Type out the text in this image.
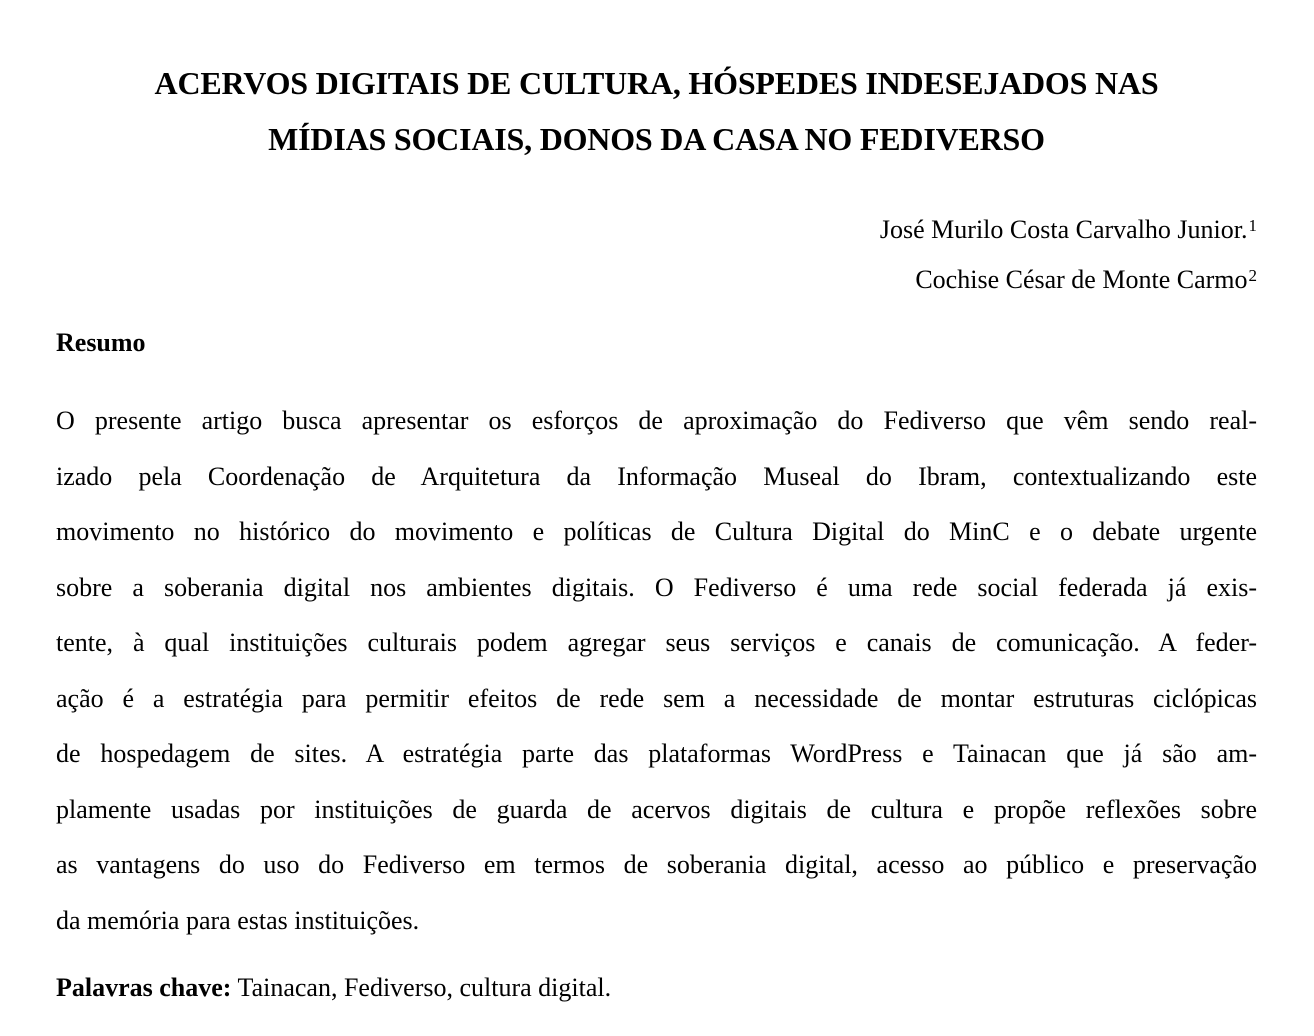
ACERVOS DIGITAIS DE CULTURA, HÓSPEDES INDESEJADOS NAS
MÍDIAS SOCIAIS, DONOS DA CASA NO FEDIVERSO
José Murilo Costa Carvalho Junior.$^1$
Cochise César de Monte Carmo$^2$
Resumo

O presente artigo busca apresentar os esforços de aproximação do Fediverso que vêm sendo real-
izado pela Coordenação de Arquitetura da Informação Museal do Ibram, contextualizando este
movimento no histórico do movimento e políticas de Cultura Digital do MinC e o debate urgente
sobre a soberania digital nos ambientes digitais. O Fediverso é uma rede social federada já exis-
tente, à qual instituições culturais podem agregar seus serviços e canais de comunicação. A feder-
ação é a estratégia para permitir efeitos de rede sem a necessidade de montar estruturas ciclópicas
de hospedagem de sites. A estratégia parte das plataformas WordPress e Tainacan que já são am-
plamente usadas por instituições de guarda de acervos digitais de cultura e propõe reflexões sobre
as vantagens do uso do Fediverso em termos de soberania digital, acesso ao público e preservação
da memória para estas instituições.

Palavras chave: Tainacan, Fediverso, cultura digital.
